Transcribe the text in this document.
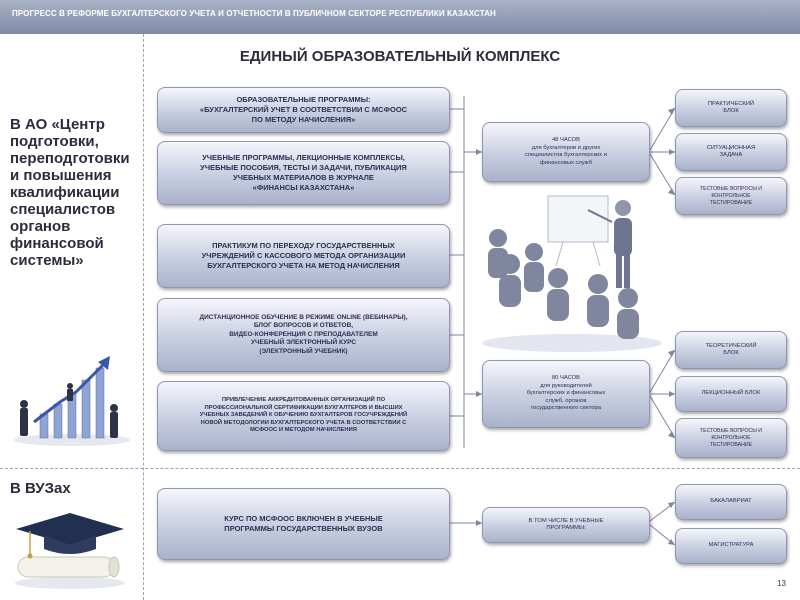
ПРОГРЕСС В РЕФОРМЕ БУХГАЛТЕРСКОГО УЧЕТА И ОТЧЕТНОСТИ В ПУБЛИЧНОМ СЕКТОРЕ РЕСПУБЛИКИ КАЗАХСТАН
ЕДИНЫЙ ОБРАЗОВАТЕЛЬНЫЙ КОМПЛЕКС
В АО «Центр подготовки, переподготовки и повышения квалификации специалистов органов финансовой системы»
В ВУЗах
ОБРАЗОВАТЕЛЬНЫЕ ПРОГРАММЫ:
«БУХГАЛТЕРСКИЙ УЧЕТ В СООТВЕТСТВИИ С МСФООС
ПО МЕТОДУ НАЧИСЛЕНИЯ»
УЧЕБНЫЕ ПРОГРАММЫ, ЛЕКЦИОННЫЕ КОМПЛЕКСЫ,
УЧЕБНЫЕ ПОСОБИЯ, ТЕСТЫ И ЗАДАЧИ, ПУБЛИКАЦИЯ
УЧЕБНЫХ МАТЕРИАЛОВ В ЖУРНАЛЕ
«ФИНАНСЫ КАЗАХСТАНА»
ПРАКТИКУМ ПО ПЕРЕХОДУ ГОСУДАРСТВЕННЫХ
УЧРЕЖДЕНИЙ С КАССОВОГО МЕТОДА ОРГАНИЗАЦИИ
БУХГАЛТЕРСКОГО УЧЕТА НА МЕТОД НАЧИСЛЕНИЯ
ДИСТАНЦИОННОЕ ОБУЧЕНИЕ В РЕЖИМЕ ONLINE (ВЕБИНАРЫ),
БЛОГ ВОПРОСОВ И ОТВЕТОВ,
ВИДЕО-КОНФЕРЕНЦИЯ С ПРЕПОДАВАТЕЛЕМ
УЧЕБНЫЙ ЭЛЕКТРОННЫЙ КУРС
(ЭЛЕКТРОННЫЙ УЧЕБНИК)
ПРИВЛЕЧЕНИЕ АККРЕДИТОВАННЫХ ОРГАНИЗАЦИЙ ПО
ПРОФЕССИОНАЛЬНОЙ СЕРТИФИКАЦИИ БУХГАЛТЕРОВ И ВЫСШИХ
УЧЕБНЫХ ЗАВЕДЕНИЙ К ОБУЧЕНИЮ БУХГАЛТЕРОВ ГОСУЧРЕЖДЕНИЙ
НОВОЙ МЕТОДОЛОГИИ БУХГАЛТЕРСКОГО УЧЕТА В СООТВЕТСТВИИ С
МСФООС И МЕТОДОМ НАЧИСЛЕНИЯ
48 ЧАСОВ
для бухгалтеров и других
специалистов бухгалтерских и
финансовых служб
80 ЧАСОВ
для руководителей
бухгалтерских и финансовых
служб, органов
государственного сектора
ПРАКТИЧЕСКИЙ
БЛОК
СИТУАЦИОННАЯ
ЗАДАЧА
ТЕСТОВЫЕ ВОПРОСЫ И
КОНТРОЛЬНОЕ
ТЕСТИРОВАНИЕ
ТЕОРЕТИЧЕСКИЙ
БЛОК
ЛЕКЦИОННЫЙ БЛОК
ТЕСТОВЫЕ ВОПРОСЫ И
КОНТРОЛЬНОЕ
ТЕСТИРОВАНИЕ
КУРС ПО МСФООС ВКЛЮЧЕН В УЧЕБНЫЕ
ПРОГРАММЫ ГОСУДАРСТВЕННЫХ ВУЗОВ
В ТОМ ЧИСЛЕ В УЧЕБНЫЕ
ПРОГРАММЫ:
БАКАЛАВРИАТ
МАГИСТРАТУРА
13
